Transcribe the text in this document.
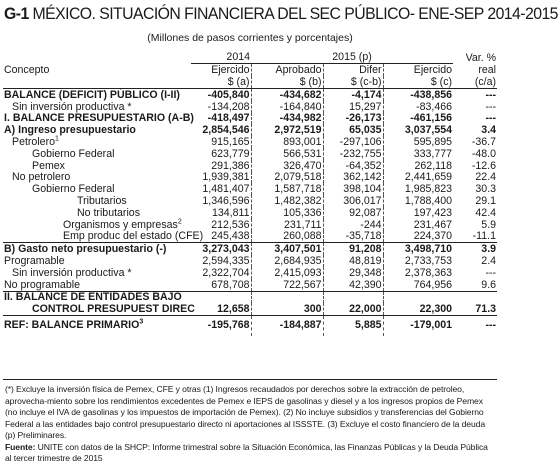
G-1 MÉXICO. SITUACIÓN FINANCIERA DEL SEC PÚBLICO- ENE-SEP 2014-2015
(Millones de pasos corrientes y porcentajes)
	2014	2015 (p)			Var. %
Concepto	Ejercido	Aprobado	Difer	Ejercido	real
	$ (a)	$ (b)	$ (c-b)	$ (c)	(c/a)
BALANCE (DEFICIT) PÚBLICO (I-II)	-405,840	-434,682	-4,174	-438,856	---
Sin inversión productiva *	-134,208	-164,840	15,297	-83,466	---
I. BALANCE PRESUPUESTARIO (A-B)	-418,497	-434,982	-26,173	-461,156	---
A) Ingreso presupuestario	2,854,546	2,972,519	65,035	3,037,554	3.4
Petrolero$^1$	915,165	893,001	-297,106	595,895	-36.7
Gobierno Federal	623,779	566,531	-232,755	333,777	-48.0
Pemex	291,386	326,470	-64,352	262,118	-12.6
No petrolero	1,939,381	2,079,518	362,142	2,441,659	22.4
Gobierno Federal	1,481,407	1,587,718	398,104	1,985,823	30.3
Tributarios	1,346,596	1,482,382	306,017	1,788,400	29.1
No tributarios	134,811	105,336	92,087	197,423	42.4
Organismos y empresas$^2$	212,536	231,711	-244	231,467	5.9
Emp produc del estado (CFE)	245,438	260,088	-35,718	224,370	-11.1
B) Gasto neto presupuestario (-)	3,273,043	3,407,501	91,208	3,498,710	3.9
Programable	2,594,335	2,684,935	48,819	2,733,753	2.4
Sin inversión productiva *	2,322,704	2,415,093	29,348	2,378,363	---
No programable	678,708	722,567	42,390	764,956	9.6
II. BALANCE DE ENTIDADES BAJO					
CONTROL PRESUPUEST DIREC	12,658	300	22,000	22,300	71.3
REF: BALANCE PRIMARIO$^3$	-195,768	-184,887	5,885	-179,001	---
(*) Excluye la inversión física de Pemex, CFE y otras (1) Ingresos recaudados por derechos sobre la extracción de petroleo, aprovecha-miento sobre los rendimientos excedentes de Pemex e IEPS de gasolinas y diesel y a los ingresos propios de Pemex (no incluye el IVA de gasolinas y los impuestos de importación de Pemex). (2) No incluye subsidios y transferencias del Gobierno Federal a las entidades bajo control presupuestario directo ni aportaciones al ISSSTE. (3) Excluye el costo financiero de la deuda (p) Preliminares.
Fuente: UNITE con datos de la SHCP: Informe trimestral sobre la Situación Económica, las Finanzas Públicas y la Deuda Pública al tercer trimestre de 2015
